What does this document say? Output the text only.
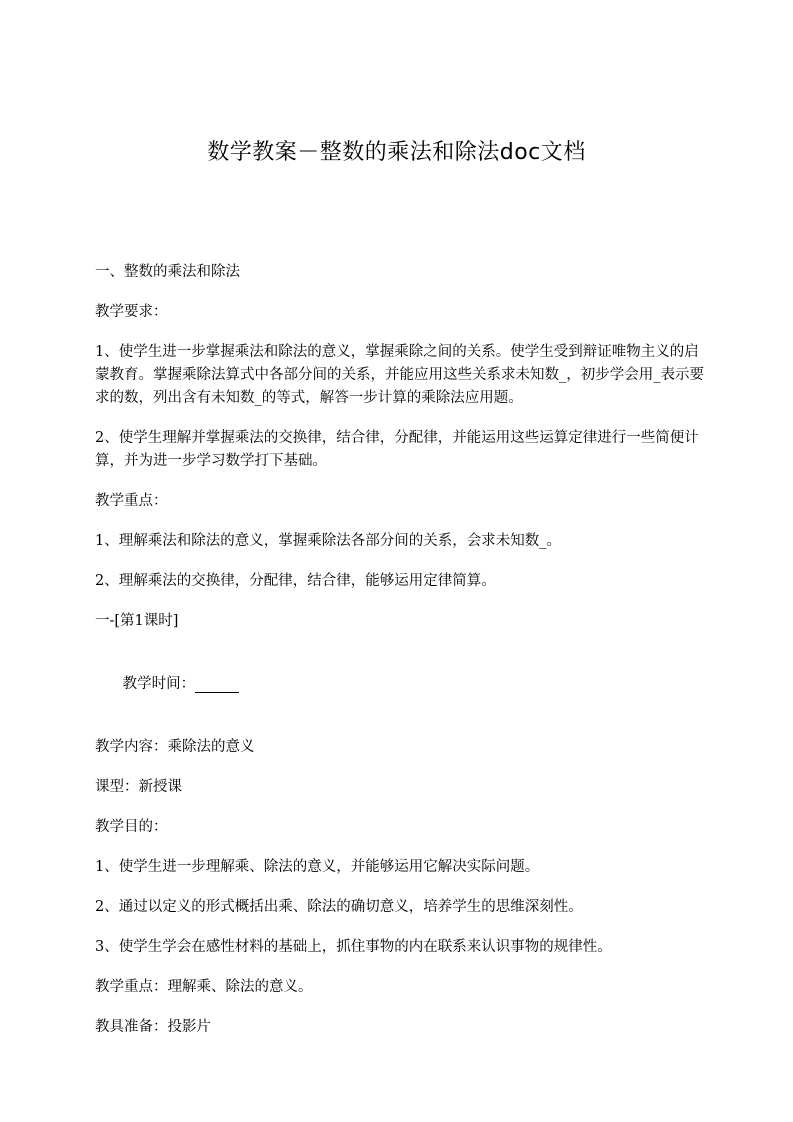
数学教案－整数的乘法和除法doc文档
一、整数的乘法和除法
教学要求：
1、使学生进一步掌握乘法和除法的意义，掌握乘除之间的关系。使学生受到辩证唯物主义的启蒙教育。掌握乘除法算式中各部分间的关系，并能应用这些关系求未知数_，初步学会用_表示要求的数，列出含有未知数_的等式，解答一步计算的乘除法应用题。
2、使学生理解并掌握乘法的交换律，结合律，分配律，并能运用这些运算定律进行一些简便计算，并为进一步学习数学打下基础。
教学重点：
1、理解乘法和除法的意义，掌握乘除法各部分间的关系，会求未知数_。
2、理解乘法的交换律，分配律，结合律，能够运用定律简算。
一-[第1课时]

教学时间：　　　

教学内容：乘除法的意义
课型：新授课
教学目的：
1、使学生进一步理解乘、除法的意义，并能够运用它解决实际问题。
2、通过以定义的形式概括出乘、除法的确切意义，培养学生的思维深刻性。
3、使学生学会在感性材料的基础上，抓住事物的内在联系来认识事物的规律性。
教学重点：理解乘、除法的意义。
教具准备：投影片
